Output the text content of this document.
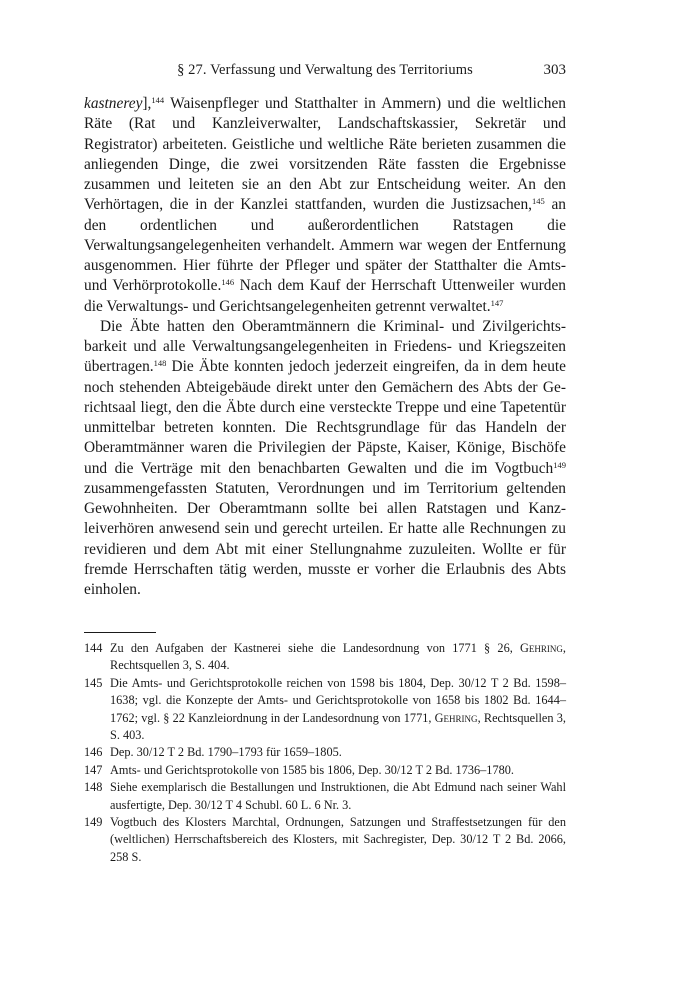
§ 27. Verfassung und Verwaltung des Territoriums	303

kastnerey],$^{144}$ Waisenpfleger und Statthalter in Ammern) und die weltlichen Räte (Rat und Kanzleiverwalter, Landschaftskassier, Sekretär und Registrator) arbeiteten. Geistliche und weltliche Räte berieten zusammen die anliegenden Dinge, die zwei vorsitzenden Räte fassten die Ergebnisse zusammen und leiteten sie an den Abt zur Entscheidung weiter. An den Verhörtagen, die in der Kanzlei stattfanden, wurden die Justizsachen,$^{145}$ an den ordentlichen und außerordentlichen Ratstagen die Verwaltungsangelegenheiten verhandelt. Ammern war wegen der Entfernung ausgenommen. Hier führte der Pfleger und später der Statthalter die Amts- und Verhörprotokolle.$^{146}$ Nach dem Kauf der Herrschaft Uttenweiler wurden die Verwaltungs- und Gerichtsangelegenheiten getrennt verwaltet.$^{147}$

Die Äbte hatten den Oberamtmännern die Kriminal- und Zivilgerichtsbarkeit und alle Verwaltungsangelegenheiten in Friedens- und Kriegszeiten übertragen.$^{148}$ Die Äbte konnten jedoch jederzeit eingreifen, da in dem heute noch stehenden Abteigebäude direkt unter den Gemächern des Abts der Gerichtsaal liegt, den die Äbte durch eine versteckte Treppe und eine Tapetentür unmittelbar betreten konnten. Die Rechtsgrundlage für das Handeln der Oberamtmänner waren die Privilegien der Päpste, Kaiser, Könige, Bischöfe und die Verträge mit den benachbarten Gewalten und die im Vogtbuch$^{149}$ zusammengefassten Statuten, Verordnungen und im Territorium geltenden Gewohnheiten. Der Oberamtmann sollte bei allen Ratstagen und Kanzleiverhören anwesend sein und gerecht urteilen. Er hatte alle Rechnungen zu revidieren und dem Abt mit einer Stellungnahme zuzuleiten. Wollte er für fremde Herrschaften tätig werden, musste er vorher die Erlaubnis des Abts einholen.

144 Zu den Aufgaben der Kastnerei siehe die Landesordnung von 1771 § 26, Gehring, Rechtsquellen 3, S. 404.
145 Die Amts- und Gerichtsprotokolle reichen von 1598 bis 1804, Dep. 30/12 T 2 Bd. 1598–1638; vgl. die Konzepte der Amts- und Gerichtsprotokolle von 1658 bis 1802 Bd. 1644–1762; vgl. § 22 Kanzleiordnung in der Landesordnung von 1771, Gehring, Rechtsquellen 3, S. 403.
146 Dep. 30/12 T 2 Bd. 1790–1793 für 1659–1805.
147 Amts- und Gerichtsprotokolle von 1585 bis 1806, Dep. 30/12 T 2 Bd. 1736–1780.
148 Siehe exemplarisch die Bestallungen und Instruktionen, die Abt Edmund nach seiner Wahl ausfertigte, Dep. 30/12 T 4 Schubl. 60 L. 6 Nr. 3.
149 Vogtbuch des Klosters Marchtal, Ordnungen, Satzungen und Straffestsetzungen für den (weltlichen) Herrschaftsbereich des Klosters, mit Sachregister, Dep. 30/12 T 2 Bd. 2066, 258 S.
